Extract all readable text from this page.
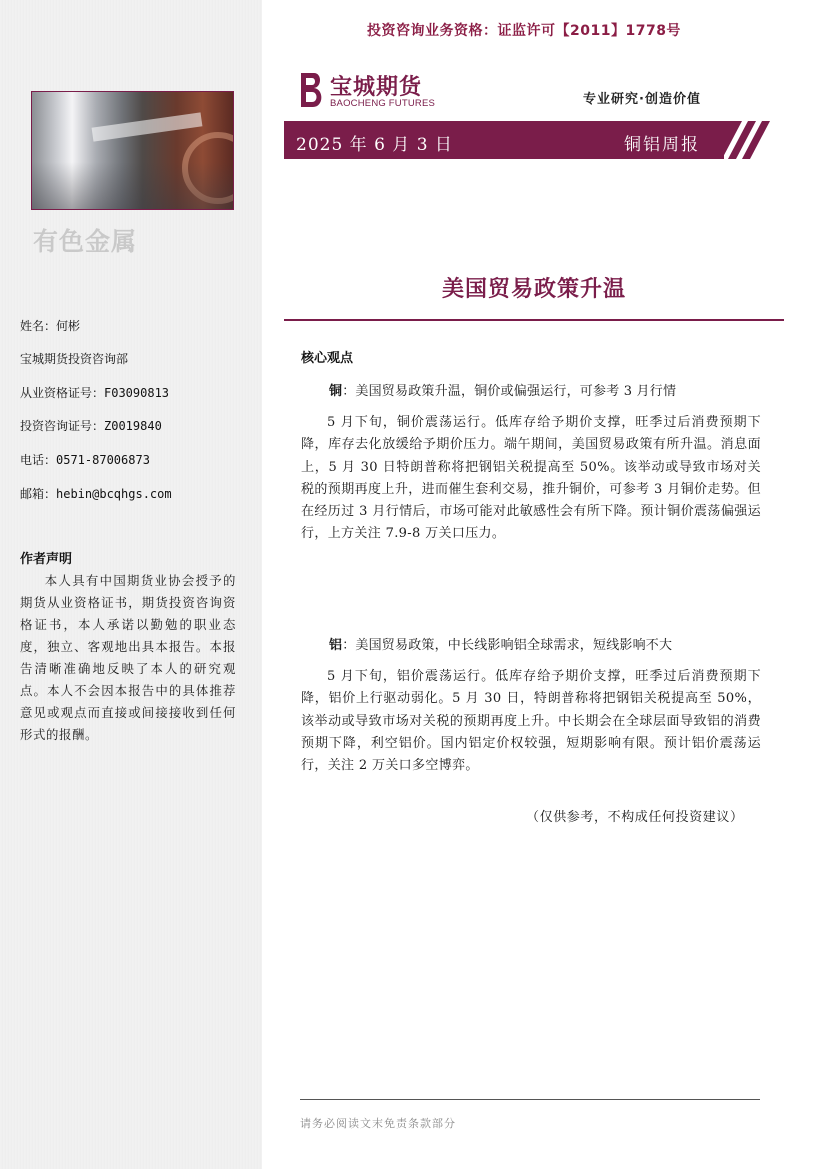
有色金属
姓名：何彬
宝城期货投资咨询部
从业资格证号：F03090813
投资咨询证号：Z0019840
电话：0571-87006873
邮箱：hebin@bcqhgs.com
作者声明
本人具有中国期货业协会授予的期货从业资格证书，期货投资咨询资格证书，本人承诺以勤勉的职业态度，独立、客观地出具本报告。本报告清晰准确地反映了本人的研究观点。本人不会因本报告中的具体推荐意见或观点而直接或间接接收到任何形式的报酬。
投资咨询业务资格：证监许可【2011】1778号
宝城期货
BAOCHENG FUTURES	专业研究·创造价值
2025 年 6 月 3 日	铜铝周报
美国贸易政策升温
核心观点
铜：美国贸易政策升温，铜价或偏强运行，可参考 3 月行情
5 月下旬，铜价震荡运行。低库存给予期价支撑，旺季过后消费预期下降，库存去化放缓给予期价压力。端午期间，美国贸易政策有所升温。消息面上，5 月 30 日特朗普称将把钢铝关税提高至 50%。该举动或导致市场对关税的预期再度上升，进而催生套利交易，推升铜价，可参考 3 月铜价走势。但在经历过 3 月行情后，市场可能对此敏感性会有所下降。预计铜价震荡偏强运行，上方关注 7.9-8 万关口压力。
铝：美国贸易政策，中长线影响铝全球需求，短线影响不大
5 月下旬，铝价震荡运行。低库存给予期价支撑，旺季过后消费预期下降，铝价上行驱动弱化。5 月 30 日，特朗普称将把钢铝关税提高至 50%，该举动或导致市场对关税的预期再度上升。中长期会在全球层面导致铝的消费预期下降，利空铝价。国内铝定价权较强，短期影响有限。预计铝价震荡运行，关注 2 万关口多空博弈。
（仅供参考，不构成任何投资建议）
请务必阅读文末免责条款部分
